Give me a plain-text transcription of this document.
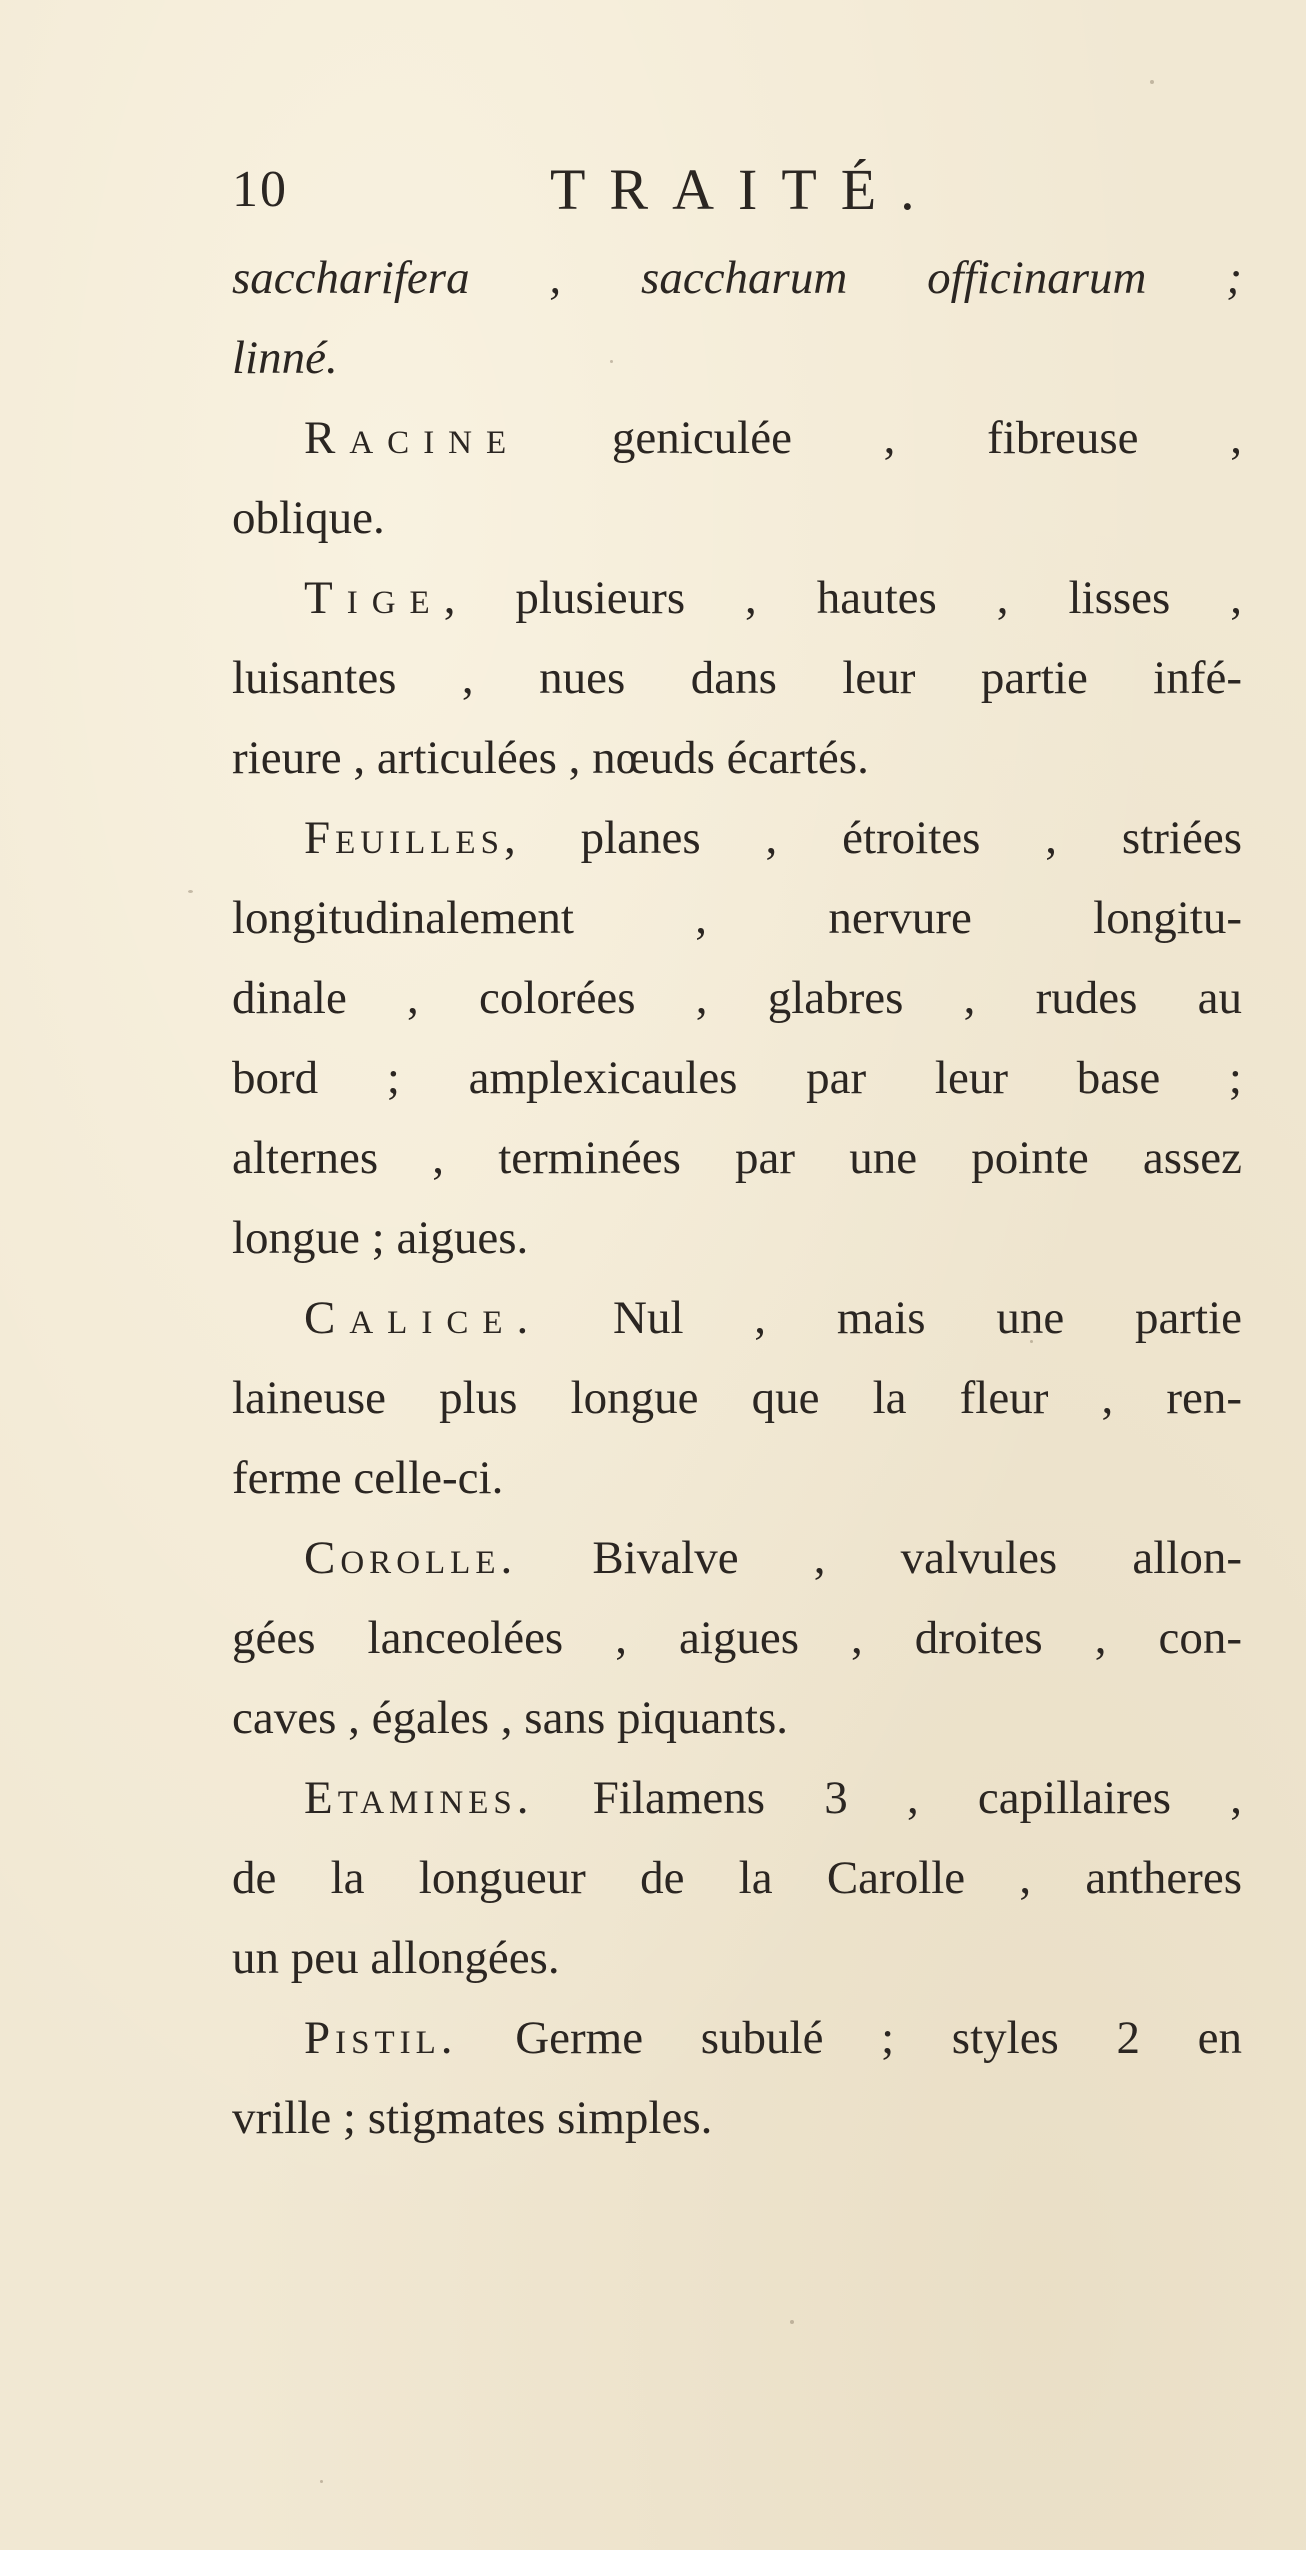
10	TRAITÉ.
saccharifera , saccharum officinarum ;
linné.
Racine geniculée , fibreuse ,
oblique.
Tige, plusieurs , hautes , lisses ,
luisantes , nues dans leur partie infé-
rieure , articulées , nœuds écartés.
Feuilles, planes , étroites , striées
longitudinalement , nervure longitu-
dinale , colorées , glabres , rudes au
bord ; amplexicaules par leur base ;
alternes , terminées par une pointe assez
longue ; aigues.
Calice. Nul , mais une partie
laineuse plus longue que la fleur , ren-
ferme celle-ci.
Corolle. Bivalve , valvules allon-
gées lanceolées , aigues , droites , con-
caves , égales , sans piquants.
Etamines. Filamens 3 , capillaires ,
de la longueur de la Carolle , antheres
un peu allongées.
Pistil. Germe subulé ; styles 2 en
vrille ; stigmates simples.
